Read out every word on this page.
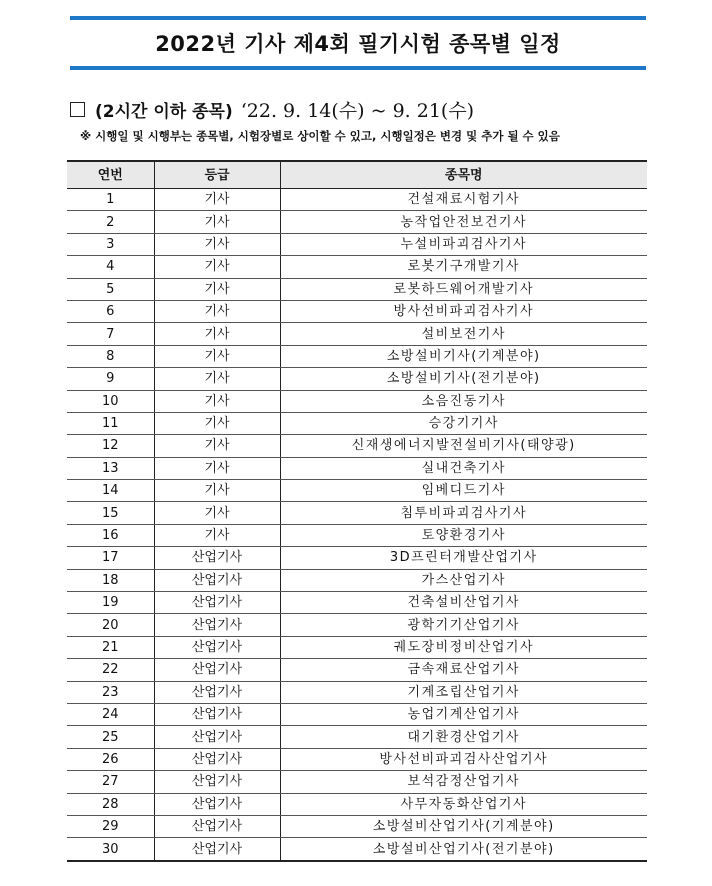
2022년 기사 제4회 필기시험 종목별 일정
(2시간 이하 종목) ‘22. 9. 14(수) ~ 9. 21(수)
※ 시행일 및 시행부는 종목별, 시험장별로 상이할 수 있고, 시행일정은 변경 및 추가 될 수 있음
연번	등급	종목명
1	기사	건설재료시험기사
2	기사	농작업안전보건기사
3	기사	누설비파괴검사기사
4	기사	로봇기구개발기사
5	기사	로봇하드웨어개발기사
6	기사	방사선비파괴검사기사
7	기사	설비보전기사
8	기사	소방설비기사(기계분야)
9	기사	소방설비기사(전기분야)
10	기사	소음진동기사
11	기사	승강기기사
12	기사	신재생에너지발전설비기사(태양광)
13	기사	실내건축기사
14	기사	임베디드기사
15	기사	침투비파괴검사기사
16	기사	토양환경기사
17	산업기사	3D프린터개발산업기사
18	산업기사	가스산업기사
19	산업기사	건축설비산업기사
20	산업기사	광학기기산업기사
21	산업기사	궤도장비정비산업기사
22	산업기사	금속재료산업기사
23	산업기사	기계조립산업기사
24	산업기사	농업기계산업기사
25	산업기사	대기환경산업기사
26	산업기사	방사선비파괴검사산업기사
27	산업기사	보석감정산업기사
28	산업기사	사무자동화산업기사
29	산업기사	소방설비산업기사(기계분야)
30	산업기사	소방설비산업기사(전기분야)
